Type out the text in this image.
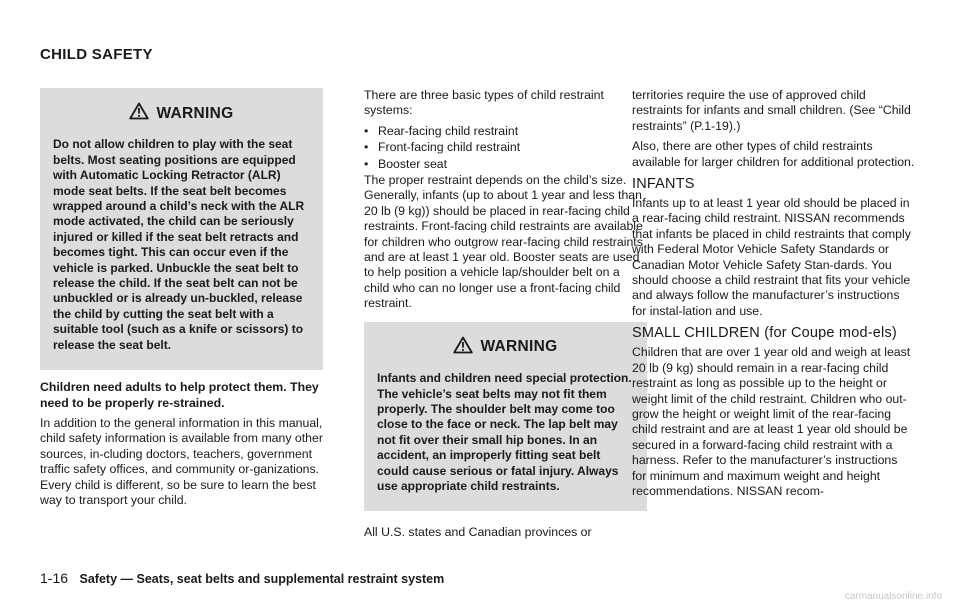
CHILD SAFETY
WARNING

Do not allow children to play with the seat belts. Most seating positions are equipped with Automatic Locking Retractor (ALR) mode seat belts. If the seat belt becomes wrapped around a child’s neck with the ALR mode activated, the child can be seriously injured or killed if the seat belt retracts and becomes tight. This can occur even if the vehicle is parked. Unbuckle the seat belt to release the child. If the seat belt can not be unbuckled or is already un-buckled, release the child by cutting the seat belt with a suitable tool (such as a knife or scissors) to release the seat belt.

Children need adults to help protect them. They need to be properly re-strained.

In addition to the general information in this manual, child safety information is available from many other sources, in-cluding doctors, teachers, government traffic safety offices, and community or-ganizations. Every child is different, so be sure to learn the best way to transport your child.

There are three basic types of child restraint systems:

• Rear-facing child restraint
• Front-facing child restraint
• Booster seat

The proper restraint depends on the child’s size. Generally, infants (up to about 1 year and less than 20 lb (9 kg)) should be placed in rear-facing child restraints. Front-facing child restraints are available for children who outgrow rear-facing child restraints and are at least 1 year old. Booster seats are used to help position a vehicle lap/shoulder belt on a child who can no longer use a front-facing child restraint.

WARNING

Infants and children need special protection. The vehicle’s seat belts may not fit them properly. The shoulder belt may come too close to the face or neck. The lap belt may not fit over their small hip bones. In an accident, an improperly fitting seat belt could cause serious or fatal injury. Always use appropriate child restraints.

All U.S. states and Canadian provinces or

territories require the use of approved child restraints for infants and small children. (See “Child restraints” (P.1-19).)

Also, there are other types of child restraints available for larger children for additional protection.

INFANTS

Infants up to at least 1 year old should be placed in a rear-facing child restraint. NISSAN recommends that infants be placed in child restraints that comply with Federal Motor Vehicle Safety Standards or Canadian Motor Vehicle Safety Stan-dards. You should choose a child restraint that fits your vehicle and always follow the manufacturer’s instructions for instal-lation and use.

SMALL CHILDREN (for Coupe mod-els)

Children that are over 1 year old and weigh at least 20 lb (9 kg) should remain in a rear-facing child restraint as long as possible up to the height or weight limit of the child restraint. Children who out-grow the height or weight limit of the rear-facing child restraint and are at least 1 year old should be secured in a forward-facing child restraint with a harness. Refer to the manufacturer’s instructions for minimum and maximum weight and height recommendations. NISSAN recom-

1-16 Safety — Seats, seat belts and supplemental restraint system
carmanualsonline.info
